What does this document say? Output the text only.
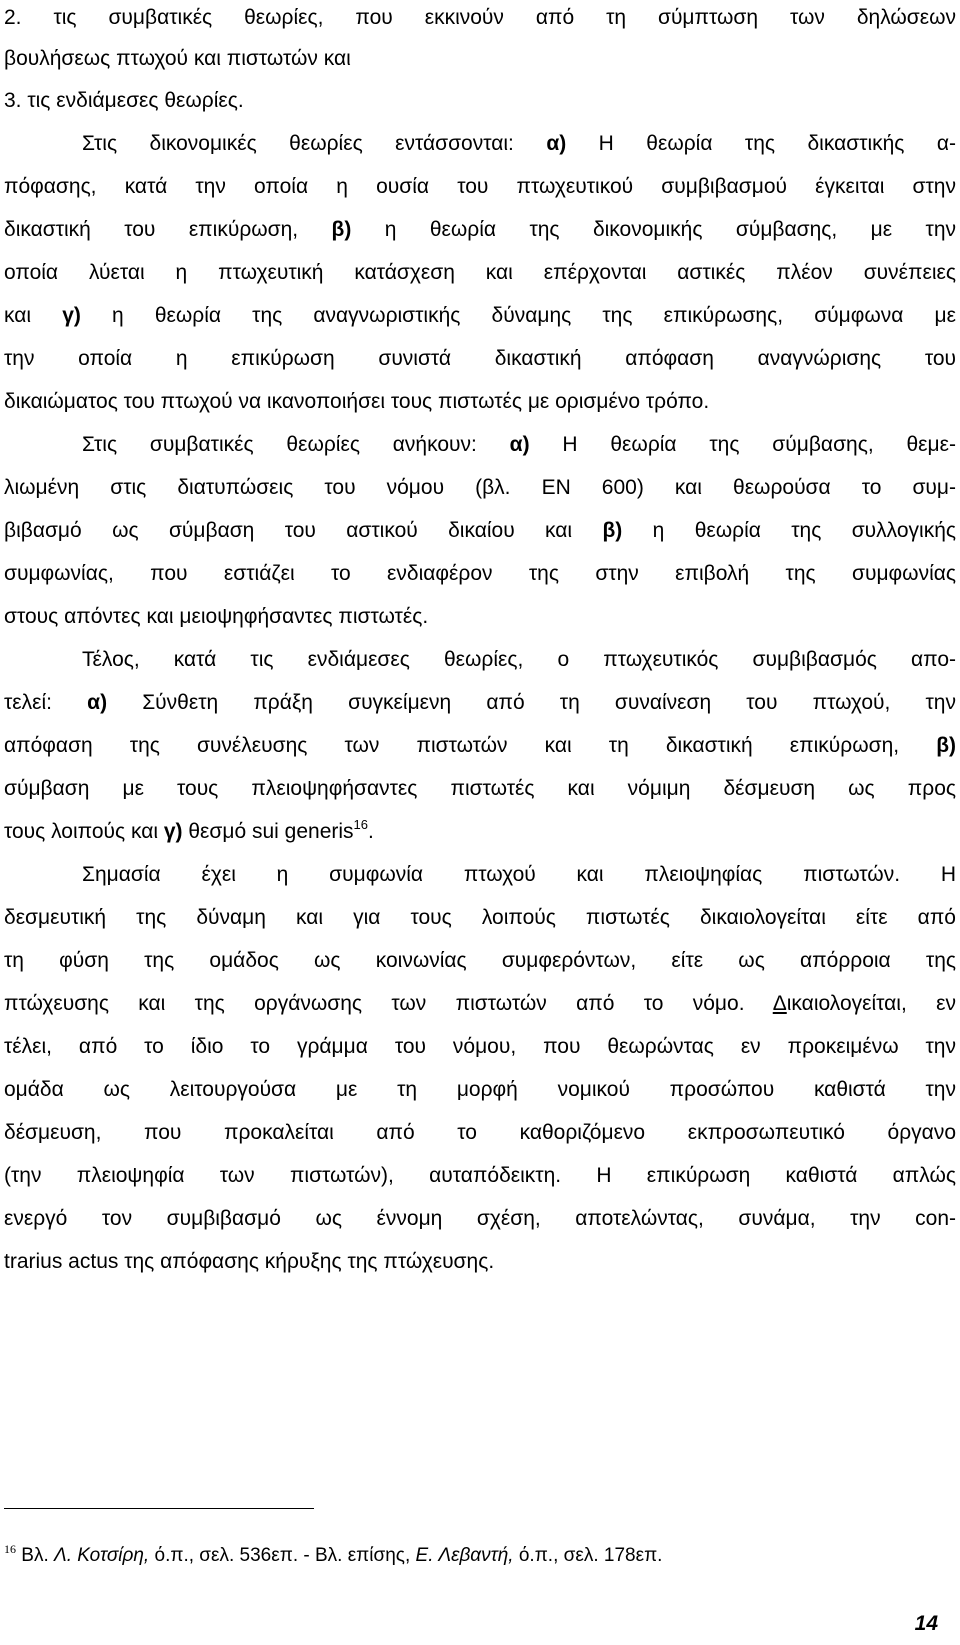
2. τις συμβατικές θεωρίες, που εκκινούν από τη σύμπτωση των δηλώσεων
βουλήσεως πτωχού και πιστωτών και
3. τις ενδιάμεσες θεωρίες.
Στις δικονομικές θεωρίες εντάσσονται: α) Η θεωρία της δικαστικής α-
πόφασης, κατά την οποία η ουσία του πτωχευτικού συμβιβασμού έγκειται στην
δικαστική του επικύρωση, β) η θεωρία της δικονομικής σύμβασης, με την
οποία λύεται η πτωχευτική κατάσχεση και επέρχονται αστικές πλέον συνέπειες
και γ) η θεωρία της αναγνωριστικής δύναμης της επικύρωσης, σύμφωνα με
την οποία η επικύρωση συνιστά δικαστική απόφαση αναγνώρισης του
δικαιώματος του πτωχού να ικανοποιήσει τους πιστωτές με ορισμένο τρόπο.
Στις συμβατικές θεωρίες ανήκουν: α) Η θεωρία της σύμβασης, θεμε-
λιωμένη στις διατυπώσεις του νόμου (βλ. ΕΝ 600) και θεωρούσα το συμ-
βιβασμό ως σύμβαση του αστικού δικαίου και β) η θεωρία της συλλογικής
συμφωνίας, που εστιάζει το ενδιαφέρον της στην επιβολή της συμφωνίας
στους απόντες και μειοψηφήσαντες πιστωτές.
Τέλος, κατά τις ενδιάμεσες θεωρίες, ο πτωχευτικός συμβιβασμός απο-
τελεί: α) Σύνθετη πράξη συγκείμενη από τη συναίνεση του πτωχού, την
απόφαση της συνέλευσης των πιστωτών και τη δικαστική επικύρωση, β)
σύμβαση με τους πλειοψηφήσαντες πιστωτές και νόμιμη δέσμευση ως προς
τους λοιπούς και γ) θεσμό sui generis$^{16}$.
Σημασία έχει η συμφωνία πτωχού και πλειοψηφίας πιστωτών. Η
δεσμευτική της δύναμη και για τους λοιπούς πιστωτές δικαιολογείται είτε από
τη φύση της ομάδος ως κοινωνίας συμφερόντων, είτε ως απόρροια της
πτώχευσης και της οργάνωσης των πιστωτών από το νόμο. Δικαιολογείται, εν
τέλει, από το ίδιο το γράμμα του νόμου, που θεωρώντας εν προκειμένω την
ομάδα ως λειτουργούσα με τη μορφή νομικού προσώπου καθιστά την
δέσμευση, που προκαλείται από το καθοριζόμενο εκπροσωπευτικό όργανο
(την πλειοψηφία των πιστωτών), αυταπόδεικτη. Η επικύρωση καθιστά απλώς
ενεργό τον συμβιβασμό ως έννομη σχέση, αποτελώντας, συνάμα, την con-
trarius actus της απόφασης κήρυξης της πτώχευσης.
$^{16}$ Βλ. Λ. Κοτσίρη, ό.π., σελ. 536επ. - Βλ. επίσης, Ε. Λεβαντή, ό.π., σελ. 178επ.
14
